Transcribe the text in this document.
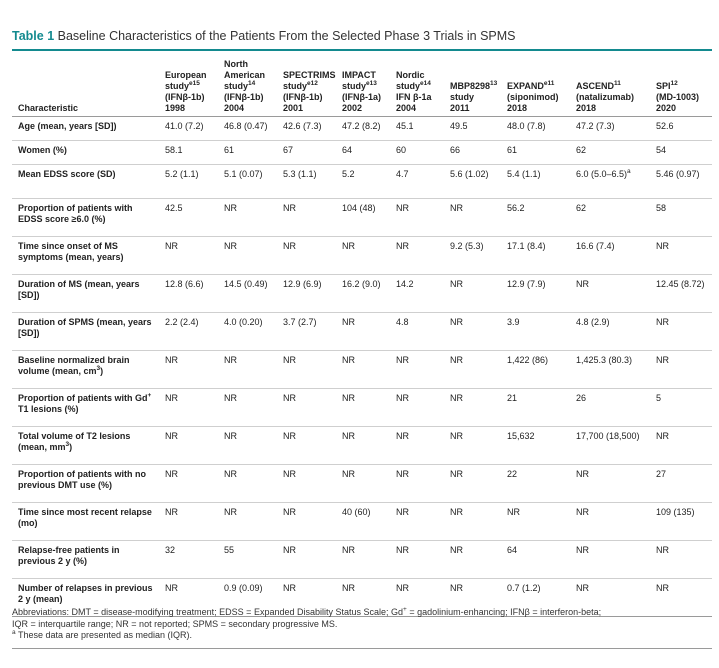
Table 1 Baseline Characteristics of the Patients From the Selected Phase 3 Trials in SPMS
Characteristic	European study$^{e15}$
(IFNβ-1b)
1998	North American study$^{14}$
(IFNβ-1b)
2004	SPECTRIMS study$^{e12}$
(IFNβ-1b)
2001	IMPACT study$^{e13}$
(IFNβ-1a)
2002	Nordic study$^{e14}$
IFN β-1a
2004	MBP8298$^{13}$
study
2011	$EXPAND^{e11}$
(siponimod)
2018	ASCEND$^{11}$
(natalizumab)
2018	SPI$^{12}$
(MD-1003)
2020
Age (mean, years [SD])	41.0 (7.2)	46.8 (0.47)	42.6 (7.3)	47.2 (8.2)	45.1	49.5	48.0 (7.8)	47.2 (7.3)	52.6
Women (%)	58.1	61	67	64	60	66	61	62	54
Mean EDSS score (SD)	5.2 (1.1)	5.1 (0.07)	5.3 (1.1)	5.2	4.7	5.6 (1.02)	5.4 (1.1)	6.0 $(5.0-6.5)^a$	5.46 (0.97)
Proportion of patients with EDSS score ≥6.0 (%)	42.5	NR	NR	104 (48)	NR	NR	56.2	62	58
Time since onset of MS symptoms (mean, years)	NR	NR	NR	NR	NR	9.2 (5.3)	17.1 (8.4)	16.6 (7.4)	NR
Duration of MS (mean, years [SD])	12.8 (6.6)	14.5 (0.49)	12.9 (6.9)	16.2 (9.0)	14.2	NR	12.9 (7.9)	NR	12.45 (8.72)
Duration of SPMS (mean, years [SD])	2.2 (2.4)	4.0 (0.20)	3.7 (2.7)	NR	4.8	NR	3.9	4.8 (2.9)	NR
Baseline normalized brain volume (mean, $cm^3$)	NR	NR	NR	NR	NR	NR	1,422 (86)	1,425.3 (80.3)	NR
Proportion of patients with Gd+ T1 lesions (%)	NR	NR	NR	NR	NR	NR	21	26	5
Total volume of T2 lesions (mean, $mm^3$)	NR	NR	NR	NR	NR	NR	15,632	17,700 (18,500)	NR
Proportion of patients with no previous DMT use (%)	NR	NR	NR	NR	NR	NR	22	NR	27
Time since most recent relapse (mo)	NR	NR	NR	40 (60)	NR	NR	NR	NR	109 (135)
Relapse-free patients in previous 2 y (%)	32	55	NR	NR	NR	NR	64	NR	NR
Number of relapses in previous 2 y (mean)	NR	0.9 (0.09)	NR	NR	NR	NR	0.7 (1.2)	NR	NR
Abbreviations: DMT = disease-modifying treatment; EDSS = Expanded Disability Status Scale; Gd+ = gadolinium-enhancing; IFNβ = interferon-beta;
IQR = interquartile range; NR = not reported; SPMS = secondary progressive MS.
$^a$ These data are presented as median (IQR).
